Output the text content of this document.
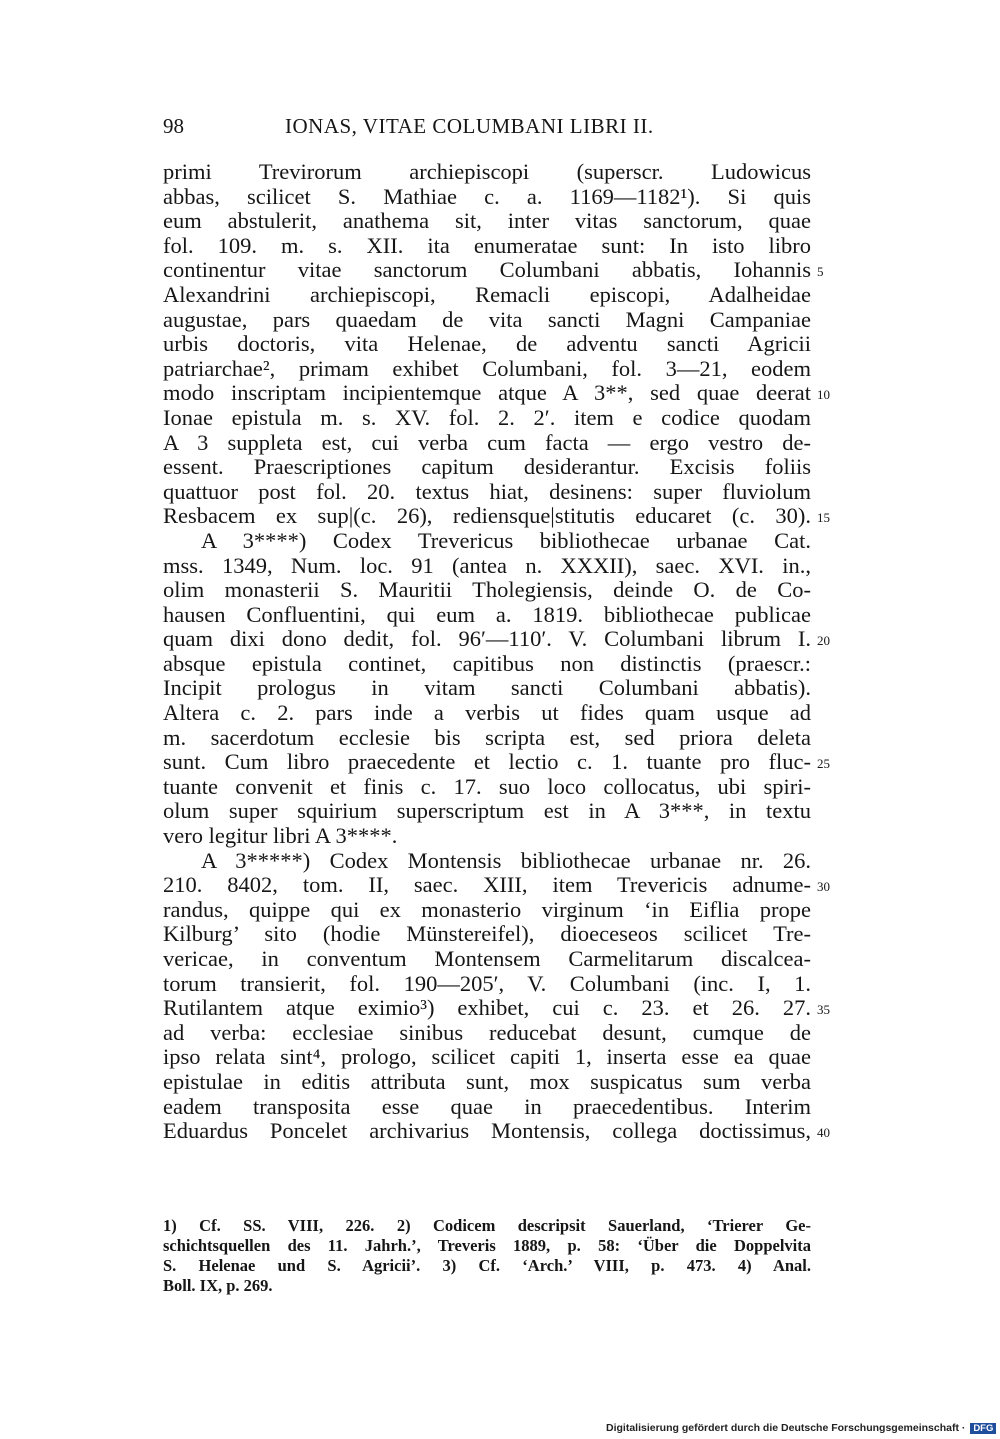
98	IONAS, VITAE COLUMBANI LIBRI II.
primi Trevirorum archiepiscopi (superscr. Ludowicus
abbas, scilicet S. Mathiae c. a. 1169—1182¹). Si quis
eum abstulerit, anathema sit, inter vitas sanctorum, quae
fol. 109. m. s. XII. ita enumeratae sunt: In isto libro
continentur vitae sanctorum Columbani abbatis, Iohannis 5
Alexandrini archiepiscopi, Remacli episcopi, Adalheidae
augustae, pars quaedam de vita sancti Magni Campaniae
urbis doctoris, vita Helenae, de adventu sancti Agricii
patriarchae², primam exhibet Columbani, fol. 3—21, eodem
modo inscriptam incipientemque atque A 3**, sed quae deerat 10
Ionae epistula m. s. XV. fol. 2. 2′. item e codice quodam
A 3 suppleta est, cui verba cum facta — ergo vestro de-
essent. Praescriptiones capitum desiderantur. Excisis foliis
quattuor post fol. 20. textus hiat, desinens: super fluviolum
Resbacem ex sup|(c. 26), rediensque|stitutis educaret (c. 30). 15
A 3****) Codex Trevericus bibliothecae urbanae Cat.
mss. 1349, Num. loc. 91 (antea n. XXXII), saec. XVI. in.,
olim monasterii S. Mauritii Tholegiensis, deinde O. de Co-
hausen Confluentini, qui eum a. 1819. bibliothecae publicae
quam dixi dono dedit, fol. 96′—110′. V. Columbani librum I. 20
absque epistula continet, capitibus non distinctis (praescr.:
Incipit prologus in vitam sancti Columbani abbatis).
Altera c. 2. pars inde a verbis ut fides quam usque ad
m. sacerdotum ecclesie bis scripta est, sed priora deleta
sunt. Cum libro praecedente et lectio c. 1. tuante pro fluc- 25
tuante convenit et finis c. 17. suo loco collocatus, ubi spiri-
olum super squirium superscriptum est in A 3***, in textu
vero legitur libri A 3****.
A 3*****) Codex Montensis bibliothecae urbanae nr. 26.
210. 8402, tom. II, saec. XIII, item Trevericis adnume- 30
randus, quippe qui ex monasterio virginum ‘in Eiflia prope
Kilburg’ sito (hodie Münstereifel), dioeceseos scilicet Tre-
vericae, in conventum Montensem Carmelitarum discalcea-
torum transierit, fol. 190—205′, V. Columbani (inc. I, 1.
Rutilantem atque eximio³) exhibet, cui c. 23. et 26. 27. 35
ad verba: ecclesiae sinibus reducebat desunt, cumque de
ipso relata sint⁴, prologo, scilicet capiti 1, inserta esse ea quae
epistulae in editis attributa sunt, mox suspicatus sum verba
eadem transposita esse quae in praecedentibus. Interim
Eduardus Poncelet archivarius Montensis, collega doctissimus, 40
1) Cf. SS. VIII, 226. 2) Codicem descripsit Sauerland, ‘Trierer Ge-
schichtsquellen des 11. Jahrh.’, Treveris 1889, p. 58: ‘Über die Doppelvita
S. Helenae und S. Agricii’. 3) Cf. ‘Arch.’ VIII, p. 473. 4) Anal.
Boll. IX, p. 269.
Digitalisierung gefördert durch die Deutsche Forschungsgemeinschaft · DFG
